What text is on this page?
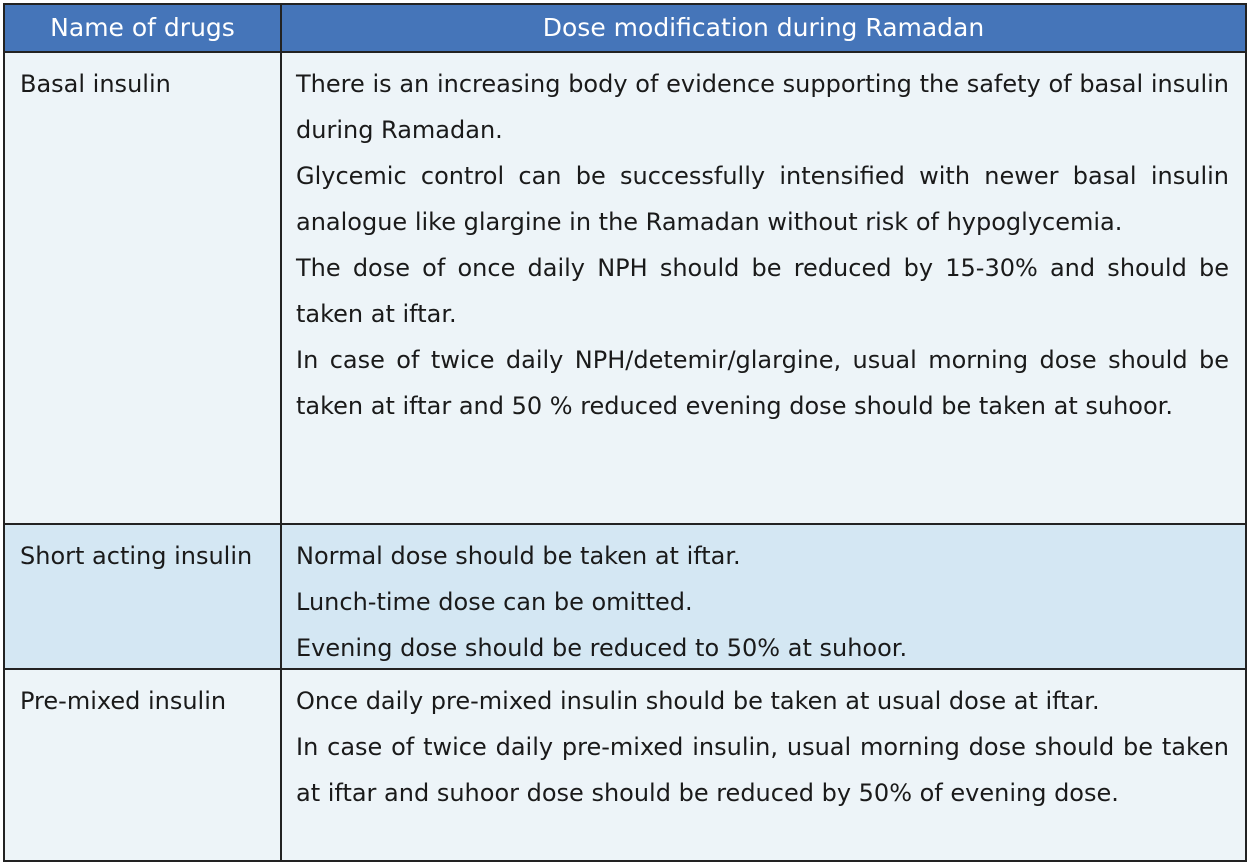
Name of drugs	Dose modification during Ramadan
Basal insulin	There is an increasing body of evidence supporting the safety of basal insulin during Ramadan.

Glycemic control can be successfully intensified with newer basal insulin analogue like glargine in the Ramadan without risk of hypoglycemia.

The dose of once daily NPH should be reduced by 15-30% and should be taken at iftar.

In case of twice daily NPH/detemir/glargine, usual morning dose should be taken at iftar and 50 % reduced evening dose should be taken at suhoor.

Short acting insulin	Normal dose should be taken at iftar.

Lunch-time dose can be omitted.

Evening dose should be reduced to 50% at suhoor.

Pre-mixed insulin	Once daily pre-mixed insulin should be taken at usual dose at iftar.

In case of twice daily pre-mixed insulin, usual morning dose should be taken at iftar and suhoor dose should be reduced by 50% of evening dose.
